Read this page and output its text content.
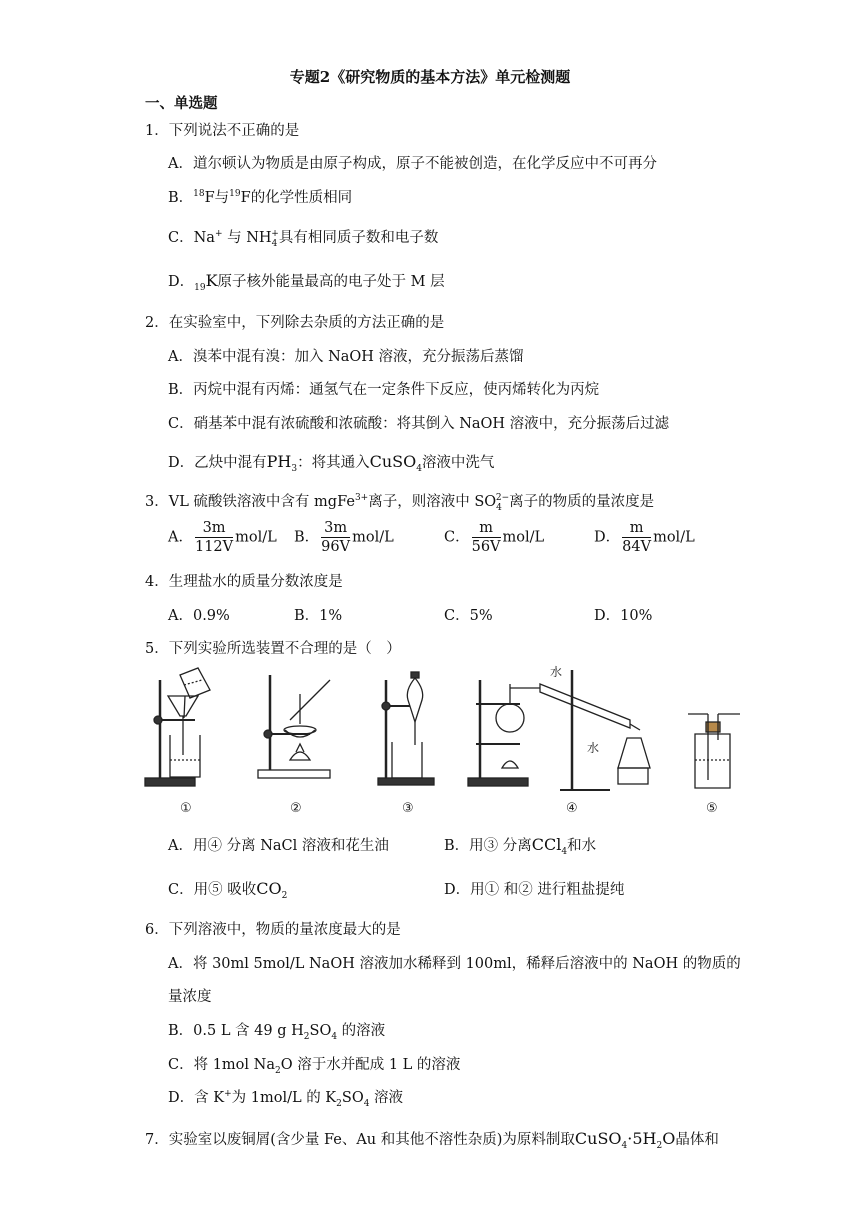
专题2《研究物质的基本方法》单元检测题
一、单选题
1．下列说法不正确的是
A．道尔顿认为物质是由原子构成，原子不能被创造，在化学反应中不可再分
B．$^{18}$F与$^{19}$F的化学性质相同
C．Na+ 与 $NH_4^+$具有相同质子数和电子数
D．$_{19}$K原子核外能量最高的电子处于 M 层
2．在实验室中，下列除去杂质的方法正确的是
A．溴苯中混有溴：加入 NaOH 溶液，充分振荡后蒸馏
B．丙烷中混有丙烯：通氢气在一定条件下反应，使丙烯转化为丙烷
C．硝基苯中混有浓硫酸和浓硫酸：将其倒入 NaOH 溶液中，充分振荡后过滤
D．乙炔中混有$PH_3$：将其通入CuSO$_4$溶液中洗气
3．VL 硫酸铁溶液中含有 mgFe$^{3+}$离子，则溶液中 $SO_4^{2-}$离子的物质的量浓度是
A． $\frac{3m}{112V} mol/L$ B． $\frac{3m}{96V} mol/L$	C． $\frac{m}{56V} mol/L$	D． $\frac{m}{84V} mol/L$
4．生理盐水的质量分数浓度是
A．0.9%	B．1%	C．5%	D．10%
5．下列实验所选装置不合理的是（　）
水
水
①	②	③	④	⑤
A．用④ 分离 NaCl 溶液和花生油	B．用③ 分离CCl$_4$和水
C．用⑤ 吸收$CO_2$	D．用① 和② 进行粗盐提纯
6．下列溶液中，物质的量浓度最大的是
A．将 30ml 5mol/L NaOH 溶液加水稀释到 100ml，稀释后溶液中的 NaOH 的物质的
量浓度
B．0.5 L 含 49 g $H_2SO_4$ 的溶液
C．将 1mol $Na_2O$ 溶于水并配成 1 L 的溶液
D．含 K+为 1mol/L 的 $K_2SO_4$ 溶液
7．实验室以废铜屑(含少量 Fe、Au 和其他不溶性杂质)为原料制取$CuSO_4\cdot 5H_2O$晶体和
